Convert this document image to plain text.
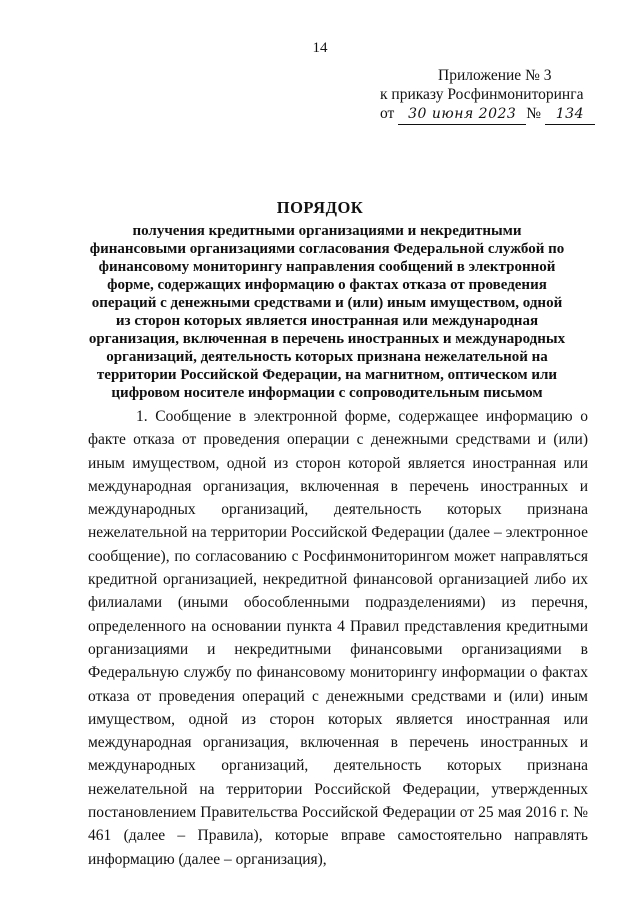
14
Приложение № 3
к приказу Росфинмониторинга
от 30 июня 2023 № 134
ПОРЯДОК
получения кредитными организациями и некредитными финансовыми организациями согласования Федеральной службой по финансовому мониторингу направления сообщений в электронной форме, содержащих информацию о фактах отказа от проведения операций с денежными средствами и (или) иным имуществом, одной из сторон которых является иностранная или международная организация, включенная в перечень иностранных и международных организаций, деятельность которых признана нежелательной на территории Российской Федерации, на магнитном, оптическом или цифровом носителе информации с сопроводительным письмом

1. Сообщение в электронной форме, содержащее информацию о факте отказа от проведения операции с денежными средствами и (или) иным имуществом, одной из сторон которой является иностранная или международная организация, включенная в перечень иностранных и международных организаций, деятельность которых признана нежелательной на территории Российской Федерации (далее – электронное сообщение), по согласованию с Росфинмониторингом может направляться кредитной организацией, некредитной финансовой организацией либо их филиалами (иными обособленными подразделениями) из перечня, определенного на основании пункта 4 Правил представления кредитными организациями и некредитными финансовыми организациями в Федеральную службу по финансовому мониторингу информации о фактах отказа от проведения операций с денежными средствами и (или) иным имуществом, одной из сторон которых является иностранная или международная организация, включенная в перечень иностранных и международных организаций, деятельность которых признана нежелательной на территории Российской Федерации, утвержденных постановлением Правительства Российской Федерации от 25 мая 2016 г. № 461 (далее – Правила), которые вправе самостоятельно направлять информацию (далее – организация),
